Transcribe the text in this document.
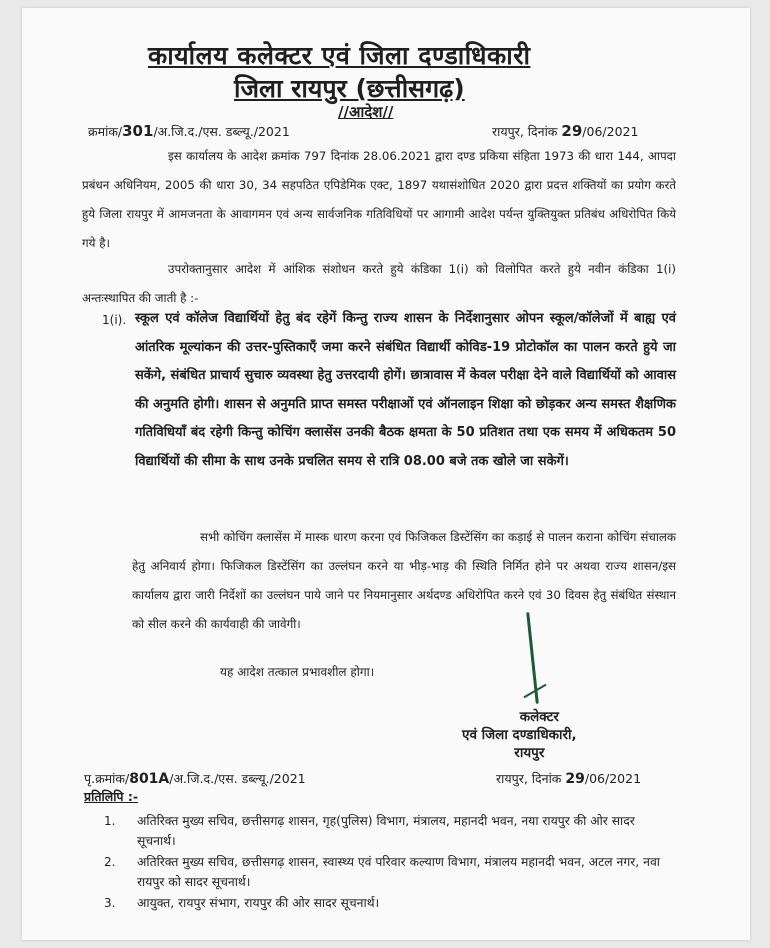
कार्यालय कलेक्टर एवं जिला दण्डाधिकारी
जिला रायपुर (छत्तीसगढ़)
//आदेश//
क्रमांक/301/अ.जि.द./एस. डब्ल्यू./2021	रायपुर, दिनांक 29/06/2021
इस कार्यालय के आदेश क्रमांक 797 दिनांक 28.06.2021 द्वारा दण्ड प्रकिया संहिता 1973 की धारा 144, आपदा प्रबंधन अधिनियम, 2005 की धारा 30, 34 सहपठित एपिडेमिक एक्ट, 1897 यथासंशोधित 2020 द्वारा प्रदत्त शक्तियों का प्रयोग करते हुये जिला रायपुर में आमजनता के आवागमन एवं अन्य सार्वजनिक गतिविधियों पर आगामी आदेश पर्यन्त युक्तियुक्त प्रतिबंध अधिरोपित किये गये है।
उपरोक्तानुसार आदेश में आंशिक संशोधन करते हुये कंडिका 1(i) को विलोपित करते हुये नवीन कंडिका 1(i) अन्तःस्थापित की जाती है :-
1(i). स्कूल एवं कॉलेज विद्यार्थियों हेतु बंद रहेगें किन्तु राज्य शासन के निर्देशानुसार ओपन स्कूल/कॉलेजों में बाह्य एवं आंतरिक मूल्यांकन की उत्तर-पुस्तिकाएँ जमा करने संबंधित विद्यार्थी कोविड-19 प्रोटोकॉल का पालन करते हुये जा सकेंगे, संबंधित प्राचार्य सुचारु व्यवस्था हेतु उत्तरदायी होगें। छात्रावास में केवल परीक्षा देने वाले विद्यार्थियों को आवास की अनुमति होगी। शासन से अनुमति प्राप्त समस्त परीक्षाओं एवं ऑनलाइन शिक्षा को छोड़कर अन्य समस्त शैक्षणिक गतिविधियाँ बंद रहेगी किन्तु कोचिंग क्लासेंस उनकी बैठक क्षमता के 50 प्रतिशत तथा एक समय में अधिकतम 50 विद्यार्थियों की सीमा के साथ उनके प्रचलित समय से रात्रि 08.00 बजे तक खोले जा सकेगें।
सभी कोचिंग क्लासेंस में मास्क धारण करना एवं फिजिकल डिस्टेंसिंग का कड़ाई से पालन कराना कोचिंग संचालक हेतु अनिवार्य होगा। फिजिकल डिस्टेंसिंग का उल्लंघन करने या भीड़-भाड़ की स्थिति निर्मित होने पर अथवा राज्य शासन/इस कार्यालय द्वारा जारी निर्देशों का उल्लंघन पाये जाने पर नियमानुसार अर्थदण्ड अधिरोपित करने एवं 30 दिवस हेतु संबंधित संस्थान को सील करने की कार्यवाही की जावेगी।
यह आदेश तत्काल प्रभावशील होगा।
कलेक्टर
एवं जिला दण्डाधिकारी,
रायपुर
पृ.क्रमांक/801A/अ.जि.द./एस. डब्ल्यू./2021	रायपुर, दिनांक 29/06/2021
प्रतिलिपि :-
1. अतिरिक्त मुख्य सचिव, छत्तीसगढ़ शासन, गृह(पुलिस) विभाग, मंत्रालय, महानदी भवन, नया रायपुर की ओर सादर सूचनार्थ।
2. अतिरिक्त मुख्य सचिव, छत्तीसगढ़ शासन, स्वास्थ्य एवं परिवार कल्याण विभाग, मंत्रालय महानदी भवन, अटल नगर, नवा रायपुर को सादर सूचनार्थ।
3. आयुक्त, रायपुर संभाग, रायपुर की ओर सादर सूचनार्थ।
